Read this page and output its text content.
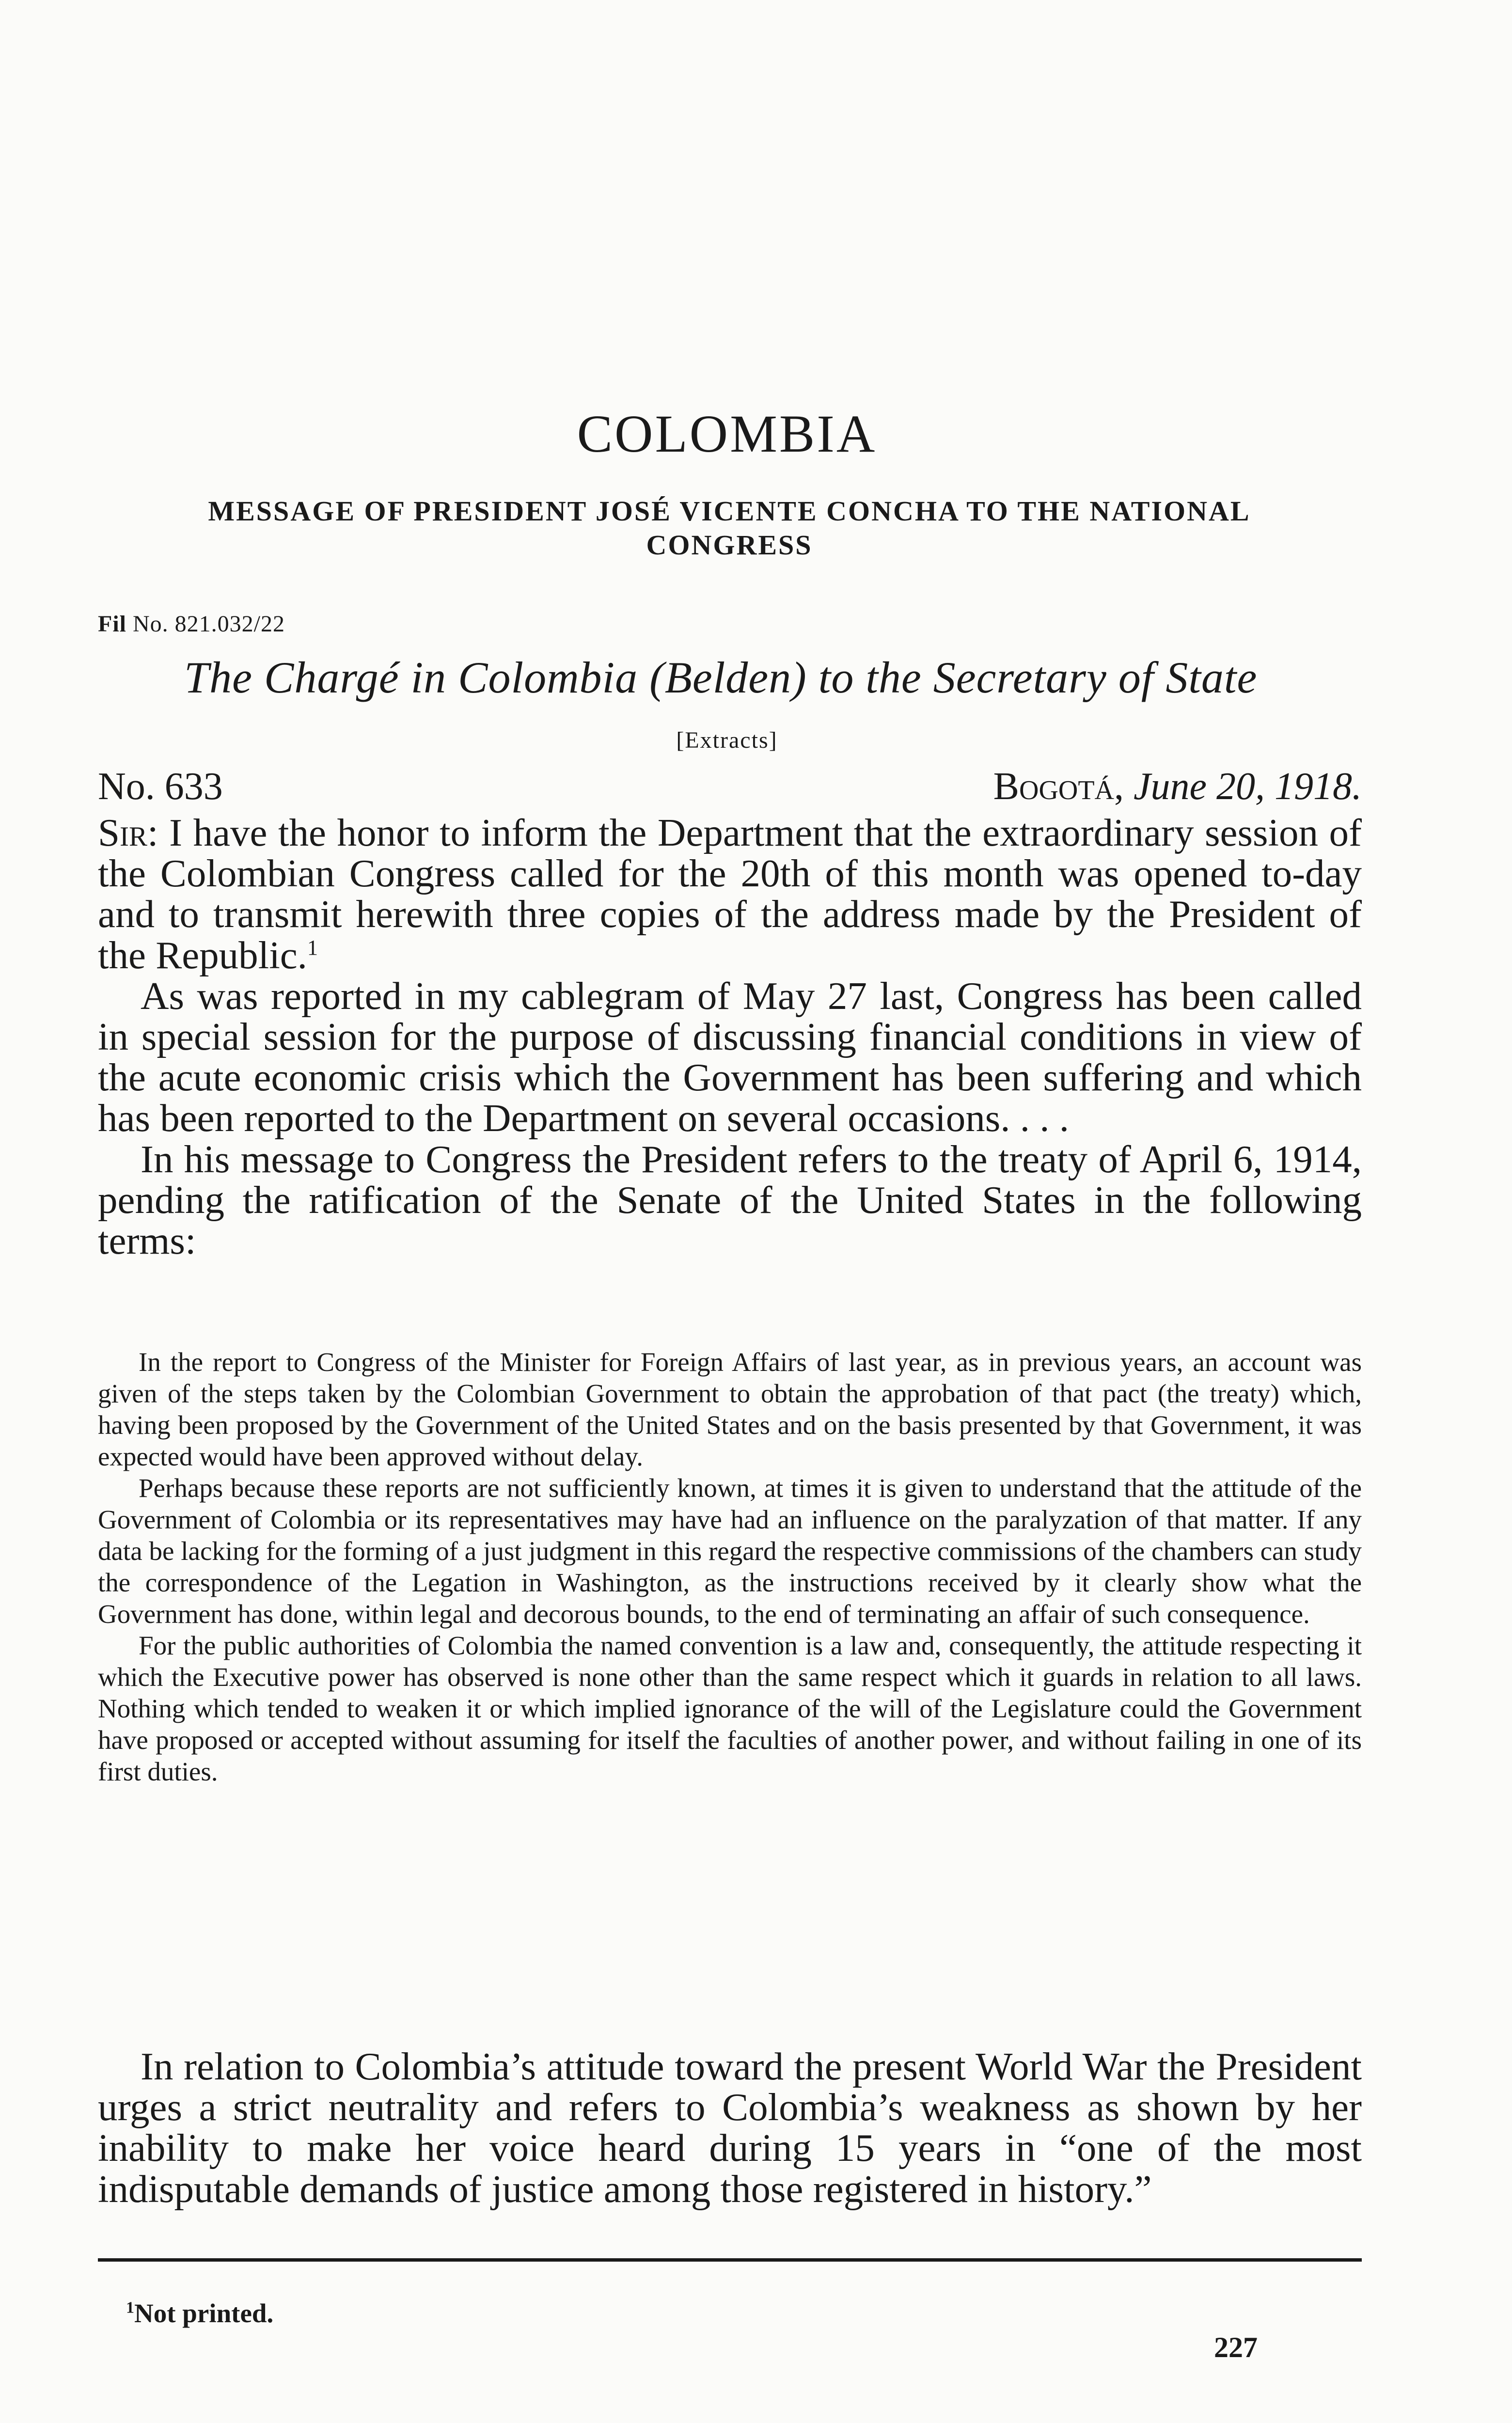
COLOMBIA
MESSAGE OF PRESIDENT JOSÉ VICENTE CONCHA TO THE NATIONAL CONGRESS
Fil No. 821.032/22
The Chargé in Colombia (Belden) to the Secretary of State
[Extracts]
No. 633	Bogotá, June 20, 1918.

Sir: I have the honor to inform the Department that the extraordinary session of the Colombian Congress called for the 20th of this month was opened to-day and to transmit herewith three copies of the address made by the President of the Republic.$^1$

As was reported in my cablegram of May 27 last, Congress has been called in special session for the purpose of discussing financial conditions in view of the acute economic crisis which the Government has been suffering and which has been reported to the Department on several occasions. . . .

In his message to Congress the President refers to the treaty of April 6, 1914, pending the ratification of the Senate of the United States in the following terms:

In the report to Congress of the Minister for Foreign Affairs of last year, as in previous years, an account was given of the steps taken by the Colombian Government to obtain the approbation of that pact (the treaty) which, having been proposed by the Government of the United States and on the basis presented by that Government, it was expected would have been approved without delay.

Perhaps because these reports are not sufficiently known, at times it is given to understand that the attitude of the Government of Colombia or its representatives may have had an influence on the paralyzation of that matter. If any data be lacking for the forming of a just judgment in this regard the respective commissions of the chambers can study the correspondence of the Legation in Washington, as the instructions received by it clearly show what the Government has done, within legal and decorous bounds, to the end of terminating an affair of such consequence.

For the public authorities of Colombia the named convention is a law and, consequently, the attitude respecting it which the Executive power has observed is none other than the same respect which it guards in relation to all laws. Nothing which tended to weaken it or which implied ignorance of the will of the Legislature could the Government have proposed or accepted without assuming for itself the faculties of another power, and without failing in one of its first duties.

In relation to Colombia’s attitude toward the present World War the President urges a strict neutrality and refers to Colombia’s weakness as shown by her inability to make her voice heard during 15 years in “one of the most indisputable demands of justice among those registered in history.”

$^1$Not printed.
227
